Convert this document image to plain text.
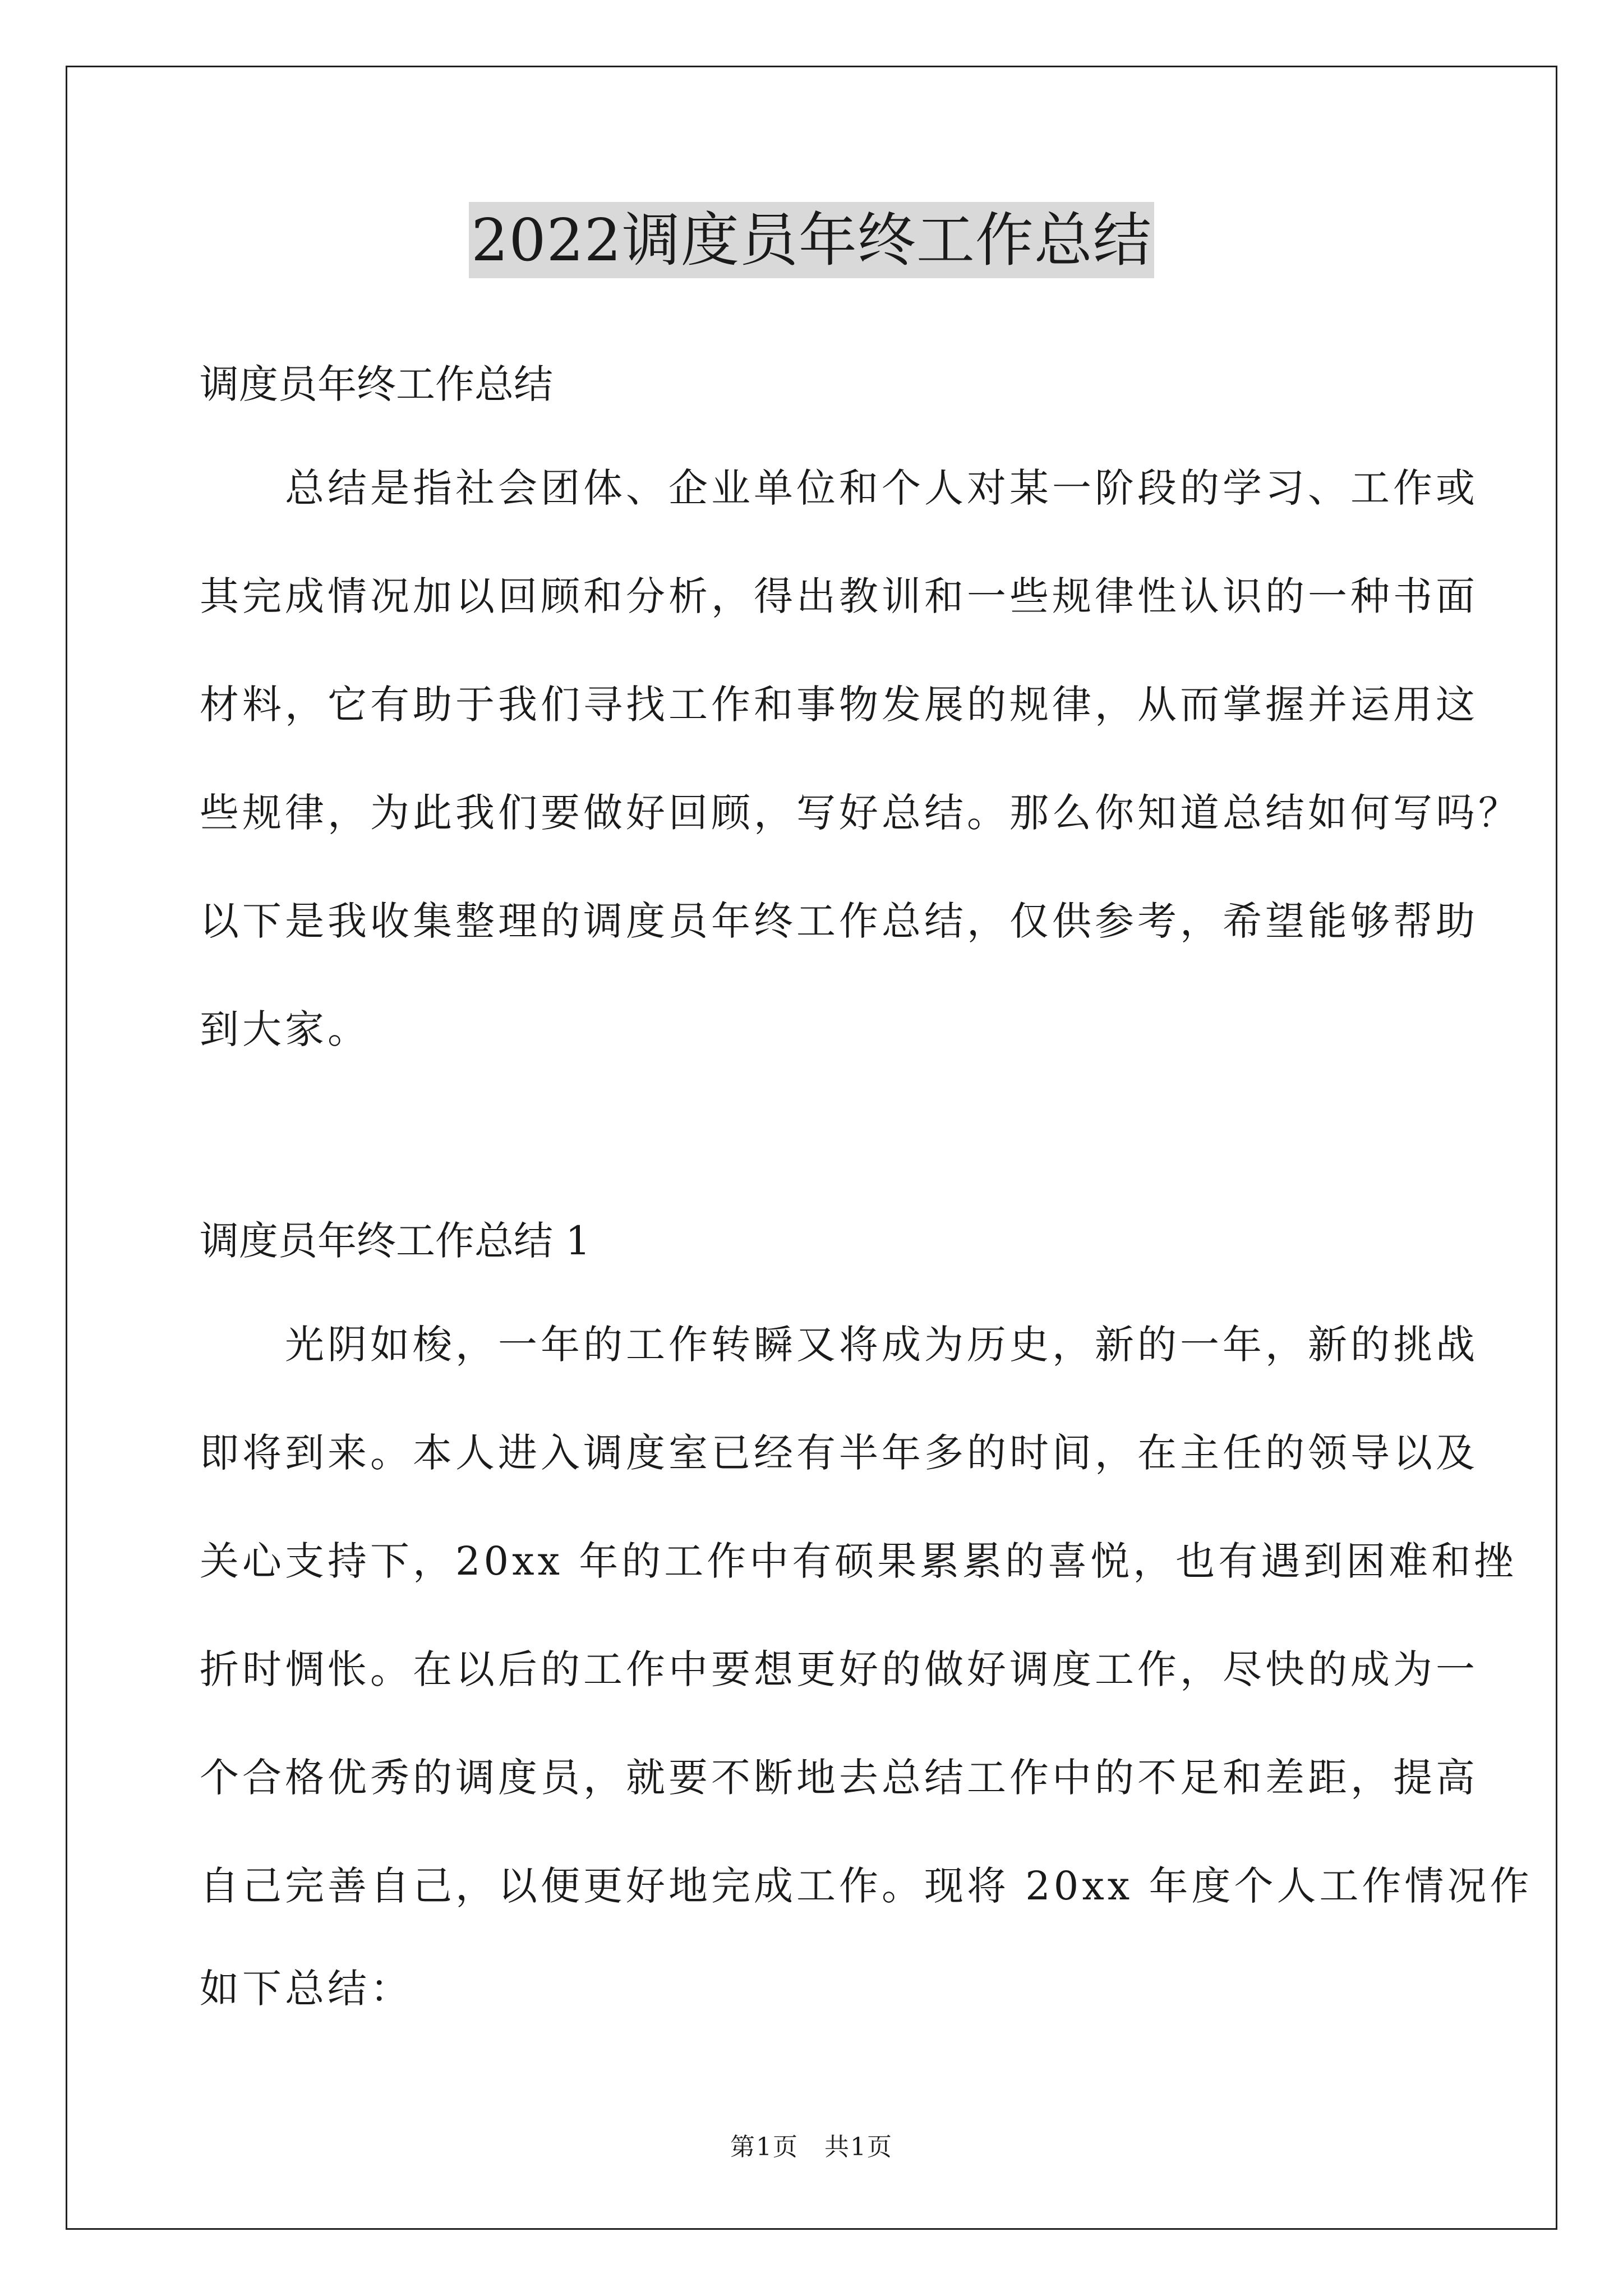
2022调度员年终工作总结
调度员年终工作总结
　　总结是指社会团体、企业单位和个人对某一阶段的学习、工作或
其完成情况加以回顾和分析，得出教训和一些规律性认识的一种书面
材料，它有助于我们寻找工作和事物发展的规律，从而掌握并运用这
些规律，为此我们要做好回顾，写好总结。那么你知道总结如何写吗？
以下是我收集整理的调度员年终工作总结，仅供参考，希望能够帮助
到大家。
调度员年终工作总结 1
　　光阴如梭，一年的工作转瞬又将成为历史，新的一年，新的挑战
即将到来。本人进入调度室已经有半年多的时间，在主任的领导以及
关心支持下，20xx 年的工作中有硕果累累的喜悦，也有遇到困难和挫
折时惆怅。在以后的工作中要想更好的做好调度工作，尽快的成为一
个合格优秀的调度员，就要不断地去总结工作中的不足和差距，提高
自己完善自己，以便更好地完成工作。现将 20xx 年度个人工作情况作
如下总结：
第1页　共1页
